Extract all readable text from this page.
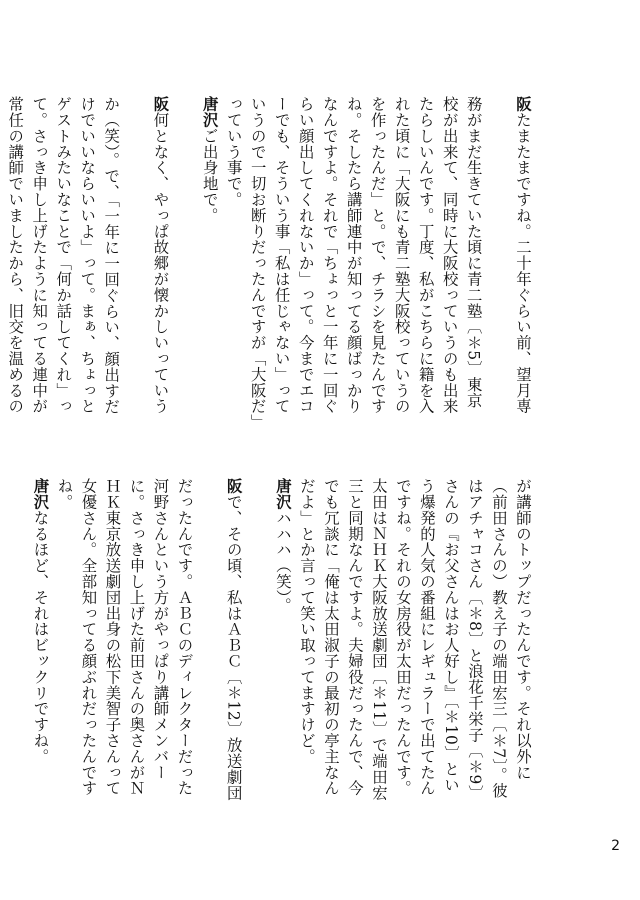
阪たまたまですね。二十年ぐらい前、望月専務がまだ生きていた頃に青二塾〔＊5〕東京校が出来て、同時に大阪校っていうのも出来たらしいんです。丁度、私がこちらに籍を入れた頃に「大阪にも青二塾大阪校っていうのを作ったんだ」と。で、チラシを見たんですね。そしたら講師連中が知ってる顔ばっかりなんですよ。それで「ちょっと一年に一回ぐらい顔出してくれないか」って。今までエコーでも、そういう事「私は任じゃない」っていうので一切お断りだったんですが「大阪だ」っていう事で。
唐沢ご出身地で。
阪何となく、やっぱ故郷が懐かしいっていうか（笑）。で、「一年に一回ぐらい、顔出すだけでいいならいいよ」って。まぁ、ちょっとゲストみたいなことで「何か話してくれ」って。さっき申し上げたように知ってる連中が常任の講師でいましたから、旧交を温めるの
が講師のトップだったんです。それ以外に（前田さんの）教え子の端田宏三〔＊7〕。彼はアチャコさん〔＊8〕と浪花千栄子〔＊9〕さんの『お父さんはお人好し』〔＊10〕という爆発的人気の番組にレギュラーで出てたんですね。それの女房役が太田だったんです。太田はＮＨＫ大阪放送劇団〔＊11〕で端田宏三と同期なんですよ。夫婦役だったんで、今でも冗談に「俺は太田淑子の最初の亭主なんだよ」とか言って笑い取ってますけど。
唐沢ハハハ（笑）。
阪で、その頃、私はＡＢＣ〔＊12〕放送劇団だったんです。ＡＢＣのディレクターだった河野さんという方がやっぱり講師メンバーに。さっき申し上げた前田さんの奥さんがＮＨＫ東京放送劇団出身の松下美智子さんって女優さん。全部知ってる顔ぶれだったんですね。
唐沢なるほど、それはビックリですね。
2
